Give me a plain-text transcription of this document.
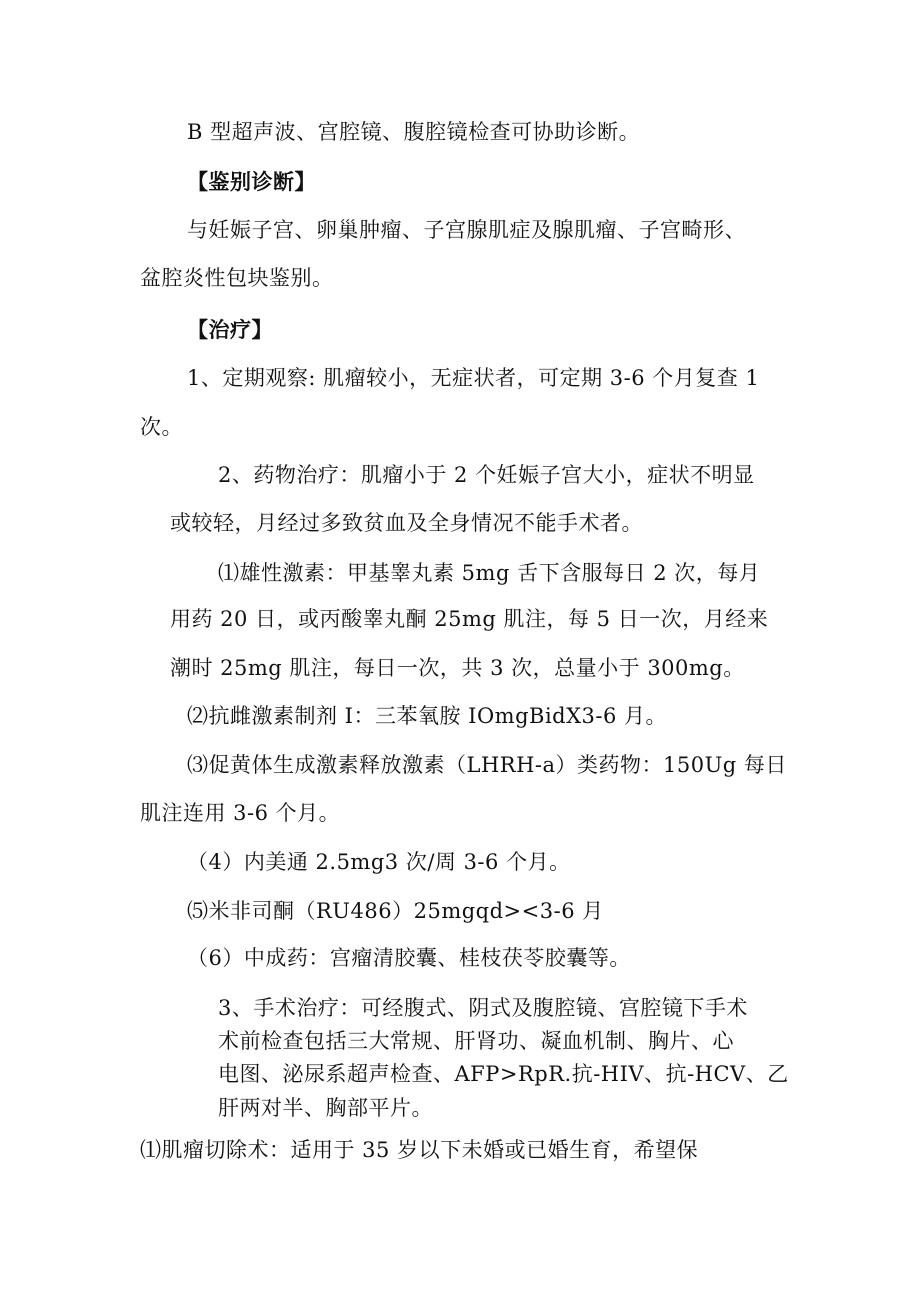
B 型超声波、宫腔镜、腹腔镜检查可协助诊断。
【鉴别诊断】
与妊娠子宫、卵巢肿瘤、子宫腺肌症及腺肌瘤、子宫畸形、
盆腔炎性包块鉴别。
【治疗】
1、定期观察: 肌瘤较小，无症状者，可定期 3-6 个月复查 1
次。
2、药物治疗：肌瘤小于 2 个妊娠子宫大小，症状不明显
或较轻，月经过多致贫血及全身情况不能手术者。
⑴雄性激素：甲基睾丸素 5mg 舌下含服每日 2 次，每月
用药 20 日，或丙酸睾丸酮 25mg 肌注，每 5 日一次，月经来
潮时 25mg 肌注，每日一次，共 3 次，总量小于 300mg。
⑵抗雌激素制剂 I：三苯氧胺 IOmgBidX3-6 月。
⑶促黄体生成激素释放激素（LHRH-a）类药物：150Ug 每日
肌注连用 3-6 个月。
（4）内美通 2.5mg3 次/周 3-6 个月。
⑸米非司酮（RU486）25mgqd><3-6 月
（6）中成药：宫瘤清胶囊、桂枝茯苓胶囊等。
3、手术治疗：可经腹式、阴式及腹腔镜、宫腔镜下手术
术前检查包括三大常规、肝肾功、凝血机制、胸片、心
电图、泌尿系超声检查、AFP>RpR.抗-HIV、抗-HCV、乙
肝两对半、胸部平片。
⑴肌瘤切除术：适用于 35 岁以下未婚或已婚生育，希望保
